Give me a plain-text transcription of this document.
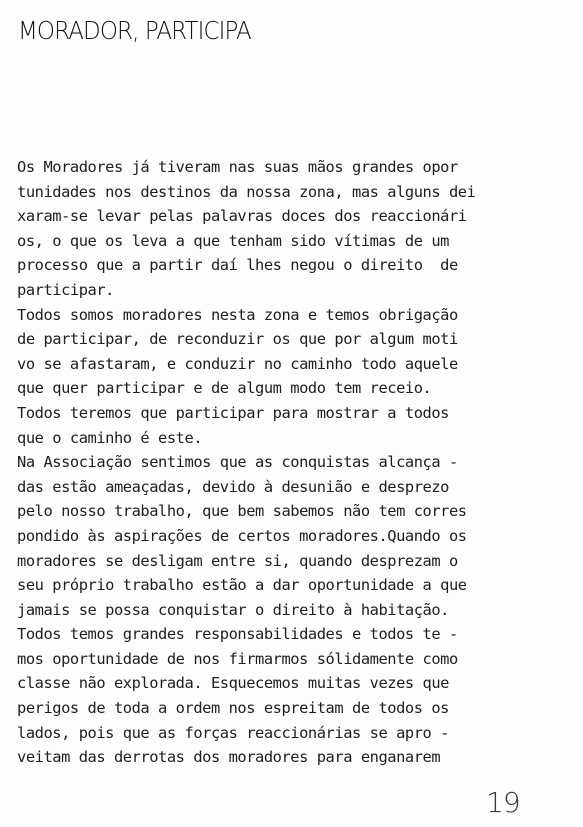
MORADOR, PARTICIPA
Os Moradores já tiveram nas suas mãos grandes opor
tunidades nos destinos da nossa zona, mas alguns dei
xaram-se levar pelas palavras doces dos reaccionári
os, o que os leva a que tenham sido vítimas de um
processo que a partir daí lhes negou o direito  de
participar.
Todos somos moradores nesta zona e temos obrigação
de participar, de reconduzir os que por algum moti
vo se afastaram, e conduzir no caminho todo aquele
que quer participar e de algum modo tem receio.
Todos teremos que participar para mostrar a todos
que o caminho é este.
Na Associação sentimos que as conquistas alcança -
das estão ameaçadas, devido à desunião e desprezo
pelo nosso trabalho, que bem sabemos não tem corres
pondido às aspirações de certos moradores.Quando os
moradores se desligam entre si, quando desprezam o
seu próprio trabalho estão a dar oportunidade a que
jamais se possa conquistar o direito à habitação.
Todos temos grandes responsabilidades e todos te -
mos oportunidade de nos firmarmos sólidamente como
classe não explorada. Esquecemos muitas vezes que
perigos de toda a ordem nos espreitam de todos os
lados, pois que as forças reaccionárias se apro -
veitam das derrotas dos moradores para enganarem
19
